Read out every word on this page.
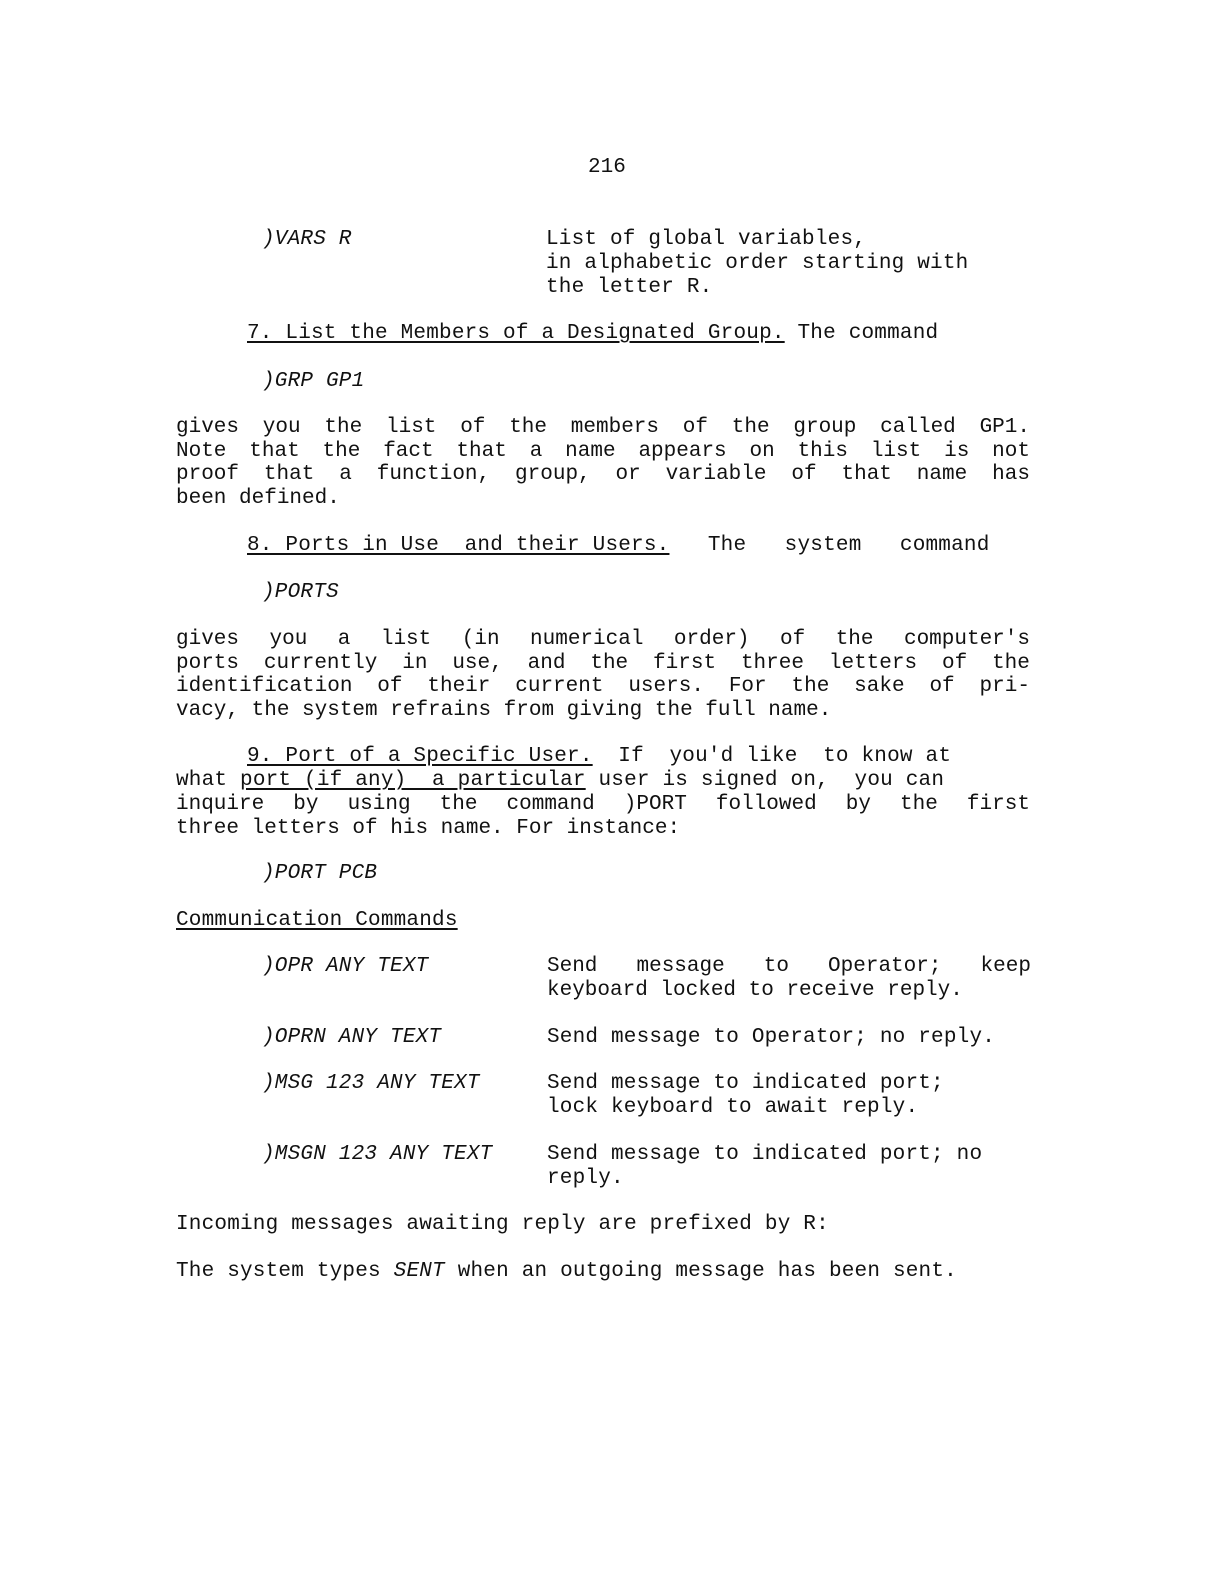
216
)VARS R	List of global variables,
in alphabetic order starting with
the letter R.
7. List the Members of a Designated Group. The command
)GRP GP1
gives you the list of the members of the group called GP1.
Note that the fact that a name appears on this list is not
proof that a function, group, or variable of that name has
been defined.
8. Ports in Use  and their Users. The   system   command
)PORTS
gives you a list (in numerical order) of the computer's
ports currently in use, and the first three letters of the
identification of their current users. For the sake of pri-
vacy, the system refrains from giving the full name.
9. Port of a Specific User. If  you'd like  to know at
what port (if any)  a particular user is signed on,  you can
inquire by using the command )PORT followed by the first
three letters of his name. For instance:
)PORT PCB
Communication Commands
)OPR ANY TEXT	Send message to Operator; keep
keyboard locked to receive reply.
)OPRN ANY TEXT	Send message to Operator; no reply.
)MSG 123 ANY TEXT	Send message to indicated port;
lock keyboard to await reply.
)MSGN 123 ANY TEXT	Send message to indicated port; no
reply.
Incoming messages awaiting reply are prefixed by R:
The system types SENT when an outgoing message has been sent.
